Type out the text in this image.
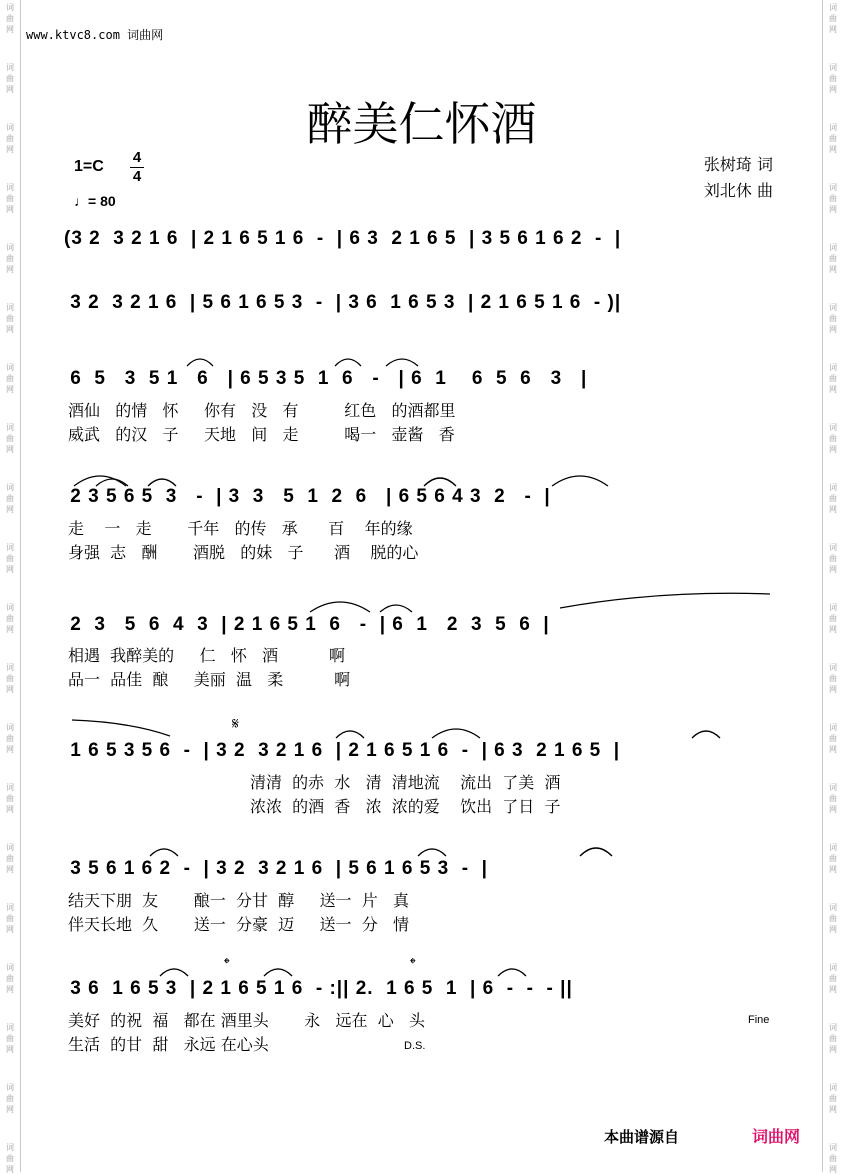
词
曲
网
词
曲
网
词
曲
网
词
曲
网
词
曲
网
词
曲
网
词
曲
网
词
曲
网
词
曲
网
词
曲
网
词
曲
网
词
曲
网
词
曲
网
词
曲
网
词
曲
网
词
曲
网
词
曲
网
词
曲
网
词
曲
网
词
曲
网
词
曲
网
词
曲
网
词
曲
网
词
曲
网
词
曲
网
词
曲
网
词
曲
网
词
曲
网
词
曲
网
词
曲
网
词
曲
网
词
曲
网
词
曲
网
词
曲
网
词
曲
网
词
曲
网
词
曲
网
词
曲
网
词
曲
网
词
曲
网
www.ktvc8.com 词曲网
醉美仁怀酒
1=C
4
4
♩= 80
张树琦 词
刘北休 曲
(3 2  3 2 1 6  | 2 1 6 5 1 6  -  | 6 3  2 1 6 5  | 3 5 6 1 6 2  -  |
3 2  3 2 1 6  | 5 6 1 6 5 3  -  | 3 6  1 6 5 3  | 2 1 6 5 1 6  - )|
6  5   3  5 1   6   | 6 5 3 5  1  6   -   | 6  1    6  5  6   3   |
酒仙   的情   怀     你有   没   有         红色   的酒都里
威武   的汉   子     天地   间   走         喝一   壶酱   香
2 3 5 6 5  3   -  | 3  3   5  1  2  6   | 6 5 6 4 3  2   -  |
走    一   走       千年   的传   承      百    年的缘
身强  志   酬       酒脱   的妹   子      酒    脱的心
2  3   5  6  4  3  | 2 1 6 5 1  6   -  | 6  1   2  3  5  6  |
相遇  我醉美的     仁   怀   酒          啊
品一  品佳  酿     美丽  温   柔          啊
1 6 5 3 5 6  -  | 3 2  3 2 1 6  | 2 1 6 5 1 6  -  | 6 3  2 1 6 5  |
清清  的赤  水   清  清地流    流出  了美  酒
浓浓  的酒  香   浓  浓的爱    饮出  了日  子
3 5 6 1 6 2  -  | 3 2  3 2 1 6  | 5 6 1 6 5 3  -  |
结天下朋  友       酿一  分甘  醇     送一  片   真
伴天长地  久       送一  分豪  迈     送一  分   情
3 6  1 6 5 3  | 2 1 6 5 1 6  - :|| 2.  1 6 5  1  | 6  -  -  - ||
美好  的祝  福   都在 酒里头       永   远在  心   头
生活  的甘  甜   永远 在心头
𝄋
𝄌	𝄌
Fine
D.S.
本曲谱源自	词曲网
